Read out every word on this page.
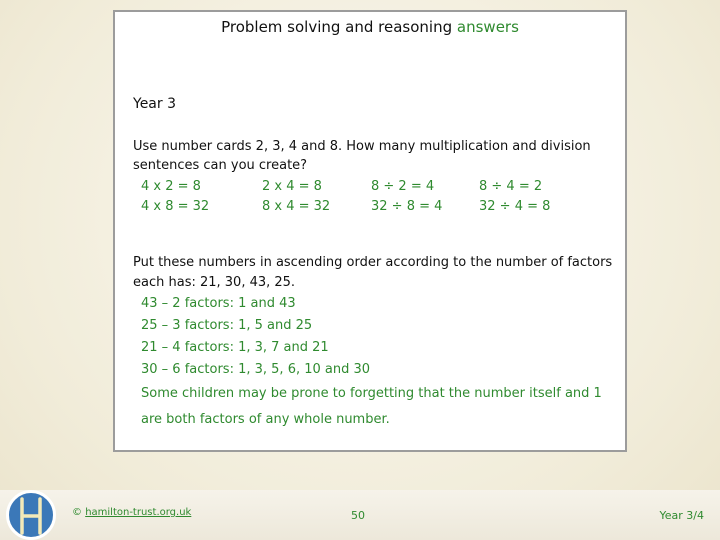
Problem solving and reasoning answers
Year 3
Use number cards 2, 3, 4 and 8. How many multiplication and division sentences can you create?
4 x 2 = 8	2 x 4 = 8	8 ÷ 2 = 4	8 ÷ 4 = 2
4 x 8 = 32	8 x 4 = 32	32 ÷ 8 = 4	32 ÷ 4 = 8
Put these numbers in ascending order according to the number of factors each has: 21, 30, 43, 25.
43 – 2 factors: 1 and 43
25 – 3 factors: 1, 5 and 25
21 – 4 factors: 1, 3, 7 and 21
30 – 6 factors: 1, 3, 5, 6, 10 and 30
Some children may be prone to forgetting that the number itself and 1 are both factors of any whole number.
© hamilton-trust.org.uk	50	Year 3/4
